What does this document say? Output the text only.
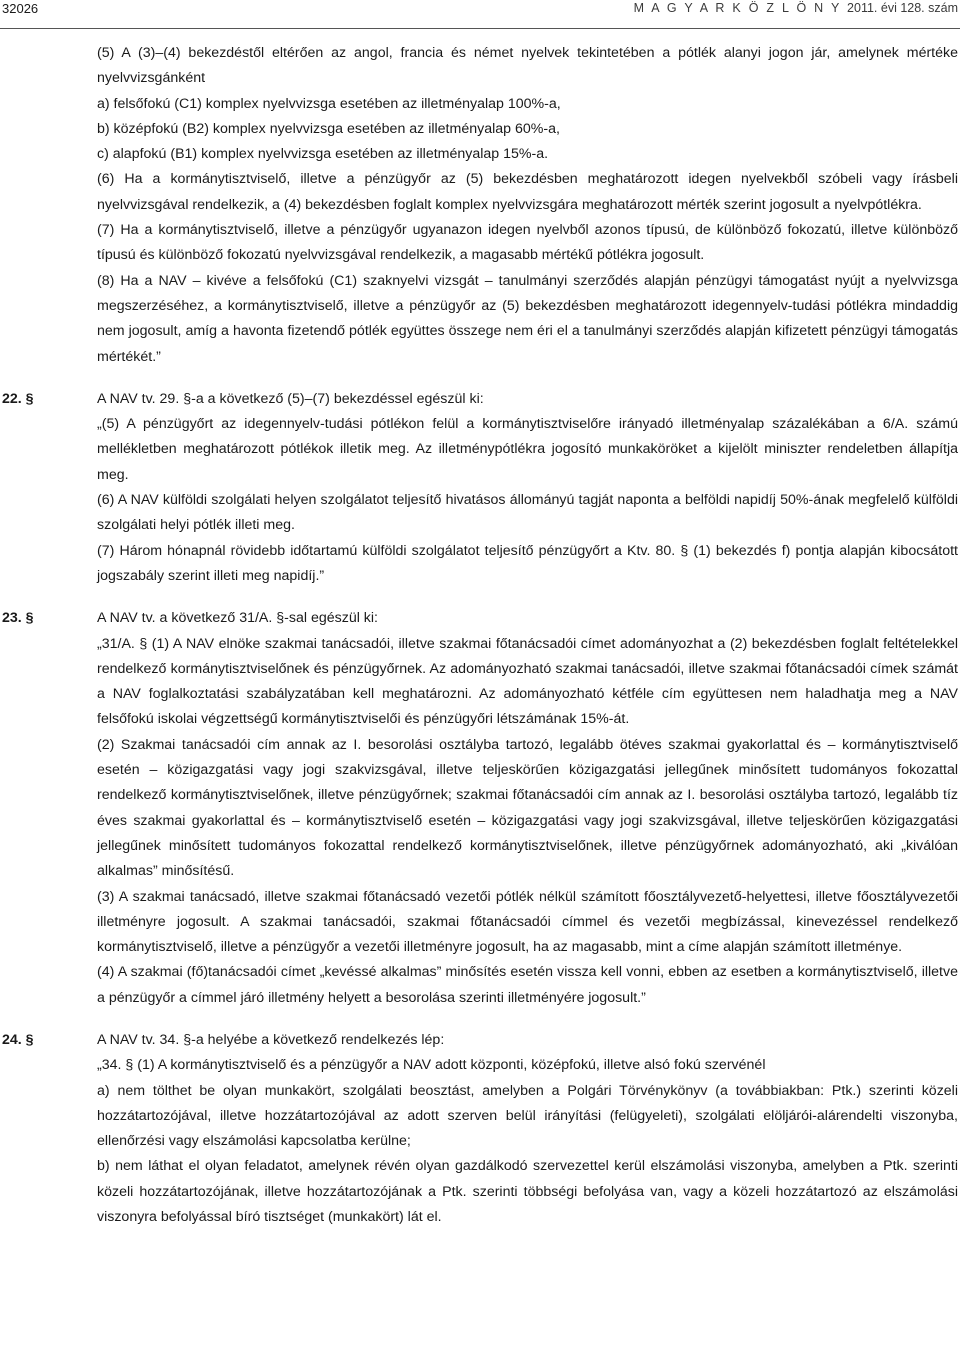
32026	M A G Y A R K Ö Z L Ö N Y 2011. évi 128. szám

(5) A (3)–(4) bekezdéstől eltérően az angol, francia és német nyelvek tekintetében a pótlék alanyi jogon jár, amelynek mértéke nyelvvizsgánként

a) felsőfokú (C1) komplex nyelvvizsga esetében az illetményalap 100%-a,

b) középfokú (B2) komplex nyelvvizsga esetében az illetményalap 60%-a,

c) alapfokú (B1) komplex nyelvvizsga esetében az illetményalap 15%-a.

(6) Ha a kormánytisztviselő, illetve a pénzügyőr az (5) bekezdésben meghatározott idegen nyelvekből szóbeli vagy írásbeli nyelvvizsgával rendelkezik, a (4) bekezdésben foglalt komplex nyelvvizsgára meghatározott mérték szerint jogosult a nyelvpótlékra.

(7) Ha a kormánytisztviselő, illetve a pénzügyőr ugyanazon idegen nyelvből azonos típusú, de különböző fokozatú, illetve különböző típusú és különböző fokozatú nyelvvizsgával rendelkezik, a magasabb mértékű pótlékra jogosult.

(8) Ha a NAV – kivéve a felsőfokú (C1) szaknyelvi vizsgát – tanulmányi szerződés alapján pénzügyi támogatást nyújt a nyelvvizsga megszerzéséhez, a kormánytisztviselő, illetve a pénzügyőr az (5) bekezdésben meghatározott idegennyelv-tudási pótlékra mindaddig nem jogosult, amíg a havonta fizetendő pótlék együttes összege nem éri el a tanulmányi szerződés alapján kifizetett pénzügyi támogatás mértékét.”

22. §	A NAV tv. 29. §-a a következő (5)–(7) bekezdéssel egészül ki:

„(5) A pénzügyőrt az idegennyelv-tudási pótlékon felül a kormánytisztviselőre irányadó illetményalap százalékában a 6/A. számú mellékletben meghatározott pótlékok illetik meg. Az illetménypótlékra jogosító munkaköröket a kijelölt miniszter rendeletben állapítja meg.

(6) A NAV külföldi szolgálati helyen szolgálatot teljesítő hivatásos állományú tagját naponta a belföldi napidíj 50%-ának megfelelő külföldi szolgálati helyi pótlék illeti meg.

(7) Három hónapnál rövidebb időtartamú külföldi szolgálatot teljesítő pénzügyőrt a Ktv. 80. § (1) bekezdés f) pontja alapján kibocsátott jogszabály szerint illeti meg napidíj.”

23. §	A NAV tv. a következő 31/A. §-sal egészül ki:

„31/A. § (1) A NAV elnöke szakmai tanácsadói, illetve szakmai főtanácsadói címet adományozhat a (2) bekezdésben foglalt feltételekkel rendelkező kormánytisztviselőnek és pénzügyőrnek. Az adományozható szakmai tanácsadói, illetve szakmai főtanácsadói címek számát a NAV foglalkoztatási szabályzatában kell meghatározni. Az adományozható kétféle cím együttesen nem haladhatja meg a NAV felsőfokú iskolai végzettségű kormánytisztviselői és pénzügyőri létszámának 15%-át.

(2) Szakmai tanácsadói cím annak az I. besorolási osztályba tartozó, legalább ötéves szakmai gyakorlattal és – kormánytisztviselő esetén – közigazgatási vagy jogi szakvizsgával, illetve teljeskörűen közigazgatási jellegűnek minősített tudományos fokozattal rendelkező kormánytisztviselőnek, illetve pénzügyőrnek; szakmai főtanácsadói cím annak az I. besorolási osztályba tartozó, legalább tíz éves szakmai gyakorlattal és – kormánytisztviselő esetén – közigazgatási vagy jogi szakvizsgával, illetve teljeskörűen közigazgatási jellegűnek minősített tudományos fokozattal rendelkező kormánytisztviselőnek, illetve pénzügyőrnek adományozható, aki „kiválóan alkalmas” minősítésű.

(3) A szakmai tanácsadó, illetve szakmai főtanácsadó vezetői pótlék nélkül számított főosztályvezető-helyettesi, illetve főosztályvezetői illetményre jogosult. A szakmai tanácsadói, szakmai főtanácsadói címmel és vezetői megbízással, kinevezéssel rendelkező kormánytisztviselő, illetve a pénzügyőr a vezetői illetményre jogosult, ha az magasabb, mint a címe alapján számított illetménye.

(4) A szakmai (fő)tanácsadói címet „kevéssé alkalmas” minősítés esetén vissza kell vonni, ebben az esetben a kormánytisztviselő, illetve a pénzügyőr a címmel járó illetmény helyett a besorolása szerinti illetményére jogosult.”

24. §	A NAV tv. 34. §-a helyébe a következő rendelkezés lép:

„34. § (1) A kormánytisztviselő és a pénzügyőr a NAV adott központi, középfokú, illetve alsó fokú szervénél

a) nem tölthet be olyan munkakört, szolgálati beosztást, amelyben a Polgári Törvénykönyv (a továbbiakban: Ptk.) szerinti közeli hozzátartozójával, illetve hozzátartozójával az adott szerven belül irányítási (felügyeleti), szolgálati elöljárói-alárendelti viszonyba, ellenőrzési vagy elszámolási kapcsolatba kerülne;

b) nem láthat el olyan feladatot, amelynek révén olyan gazdálkodó szervezettel kerül elszámolási viszonyba, amelyben a Ptk. szerinti közeli hozzátartozójának, illetve hozzátartozójának a Ptk. szerinti többségi befolyása van, vagy a közeli hozzátartozó az elszámolási viszonyra befolyással bíró tisztséget (munkakört) lát el.
